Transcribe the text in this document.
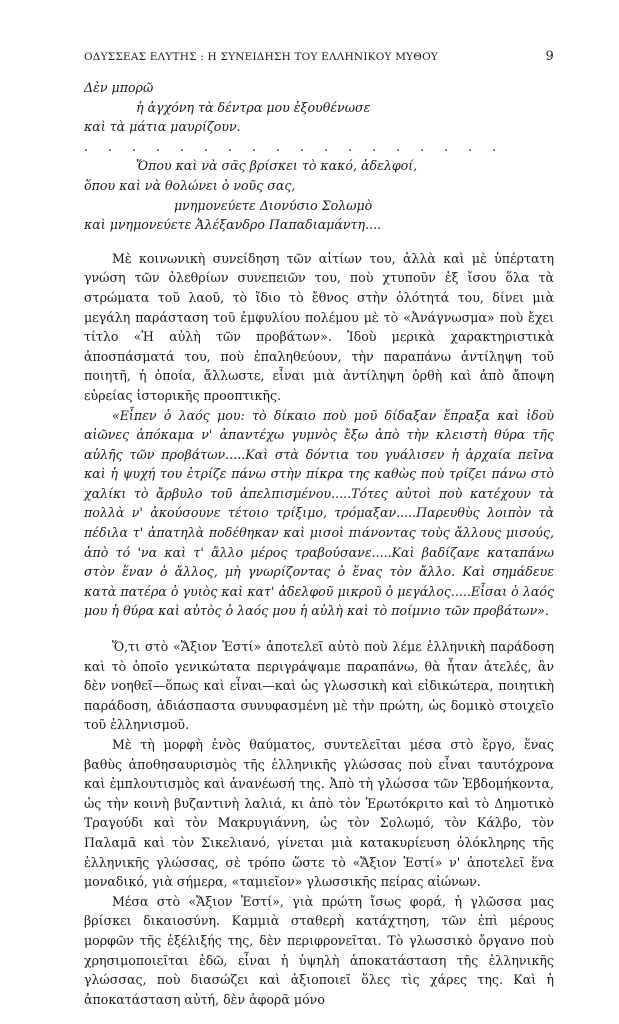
ΟΔΥΣΣΕΑΣ ΕΛΥΤΗΣ : Η ΣΥΝΕΙΔΗΣΗ ΤΟΥ ΕΛΛΗΝΙΚΟΥ ΜΥΘΟΥ	9
Δὲν μπορῶ
ἡ ἀγχόνη τὰ δέντρα μου ἐξουθένωσε
καὶ τὰ μάτια μαυρίζουν.
. . . . . . . . . . . . . . . . . .
Ὅπου καὶ νὰ σᾶς βρίσκει τὸ κακό, ἀδελφοί,
ὅπου καὶ νὰ θολώνει ὁ νοῦς σας,
μνημονεύετε Διονύσιο Σολωμὸ
καὶ μνημονεύετε Ἀλέξανδρο Παπαδιαμάντη....

Μὲ κοινωνικὴ συνείδηση τῶν αἰτίων του, ἀλλὰ καὶ μὲ ὑπέρτατη γνώση τῶν ὀλεθρίων συνεπειῶν του, ποὺ χτυποῦν ἐξ ἴσου ὅλα τὰ στρώματα τοῦ λαοῦ, τὸ ἴδιο τὸ ἔθνος στὴν ὁλότητά του, δίνει μιὰ μεγάλη παράσταση τοῦ ἐμφυλίου πολέμου μὲ τὸ «Ἀνάγνωσμα» ποὺ ἔχει τίτλο «Ἡ αὐλὴ τῶν προβάτων». Ἰδοὺ μερικὰ χαρακτηριστικὰ ἀποσπάσματά του, ποὺ ἐπαληθεύουν, τὴν παραπάνω ἀντίληψη τοῦ ποιητῆ, ἡ ὁποία, ἄλλωστε, εἶναι μιὰ ἀντίληψη ὀρθὴ καὶ ἀπὸ ἄποψη εὐρείας ἱστορικῆς προοπτικῆς.

«Εἶπεν ὁ λαός μου: τὸ δίκαιο ποὺ μοῦ δίδαξαν ἔπραξα καὶ ἰδοὺ αἰῶνες ἀπόκαμα ν' ἀπαντέχω γυμνὸς ἔξω ἀπὸ τὴν κλειστὴ θύρα τῆς αὐλῆς τῶν προβάτων.....Καὶ στὰ δόντια του γυάλισεν ἡ ἀρχαία πεῖνα καὶ ἡ ψυχή του ἐτρίζε πάνω στὴν πίκρα της καθὼς ποὺ τρίζει πάνω στὸ χαλίκι τὸ ἄρβυλο τοῦ ἀπελπισμένου.....Τότες αὐτοὶ ποὺ κατέχουν τὰ πολλὰ ν' ἀκούσουνε τέτοιο τρίξιμο, τρόμαξαν.....Παρευθὺς λοιπὸν τὰ πέδιλα τ' ἀπατηλὰ ποδέθηκαν καὶ μισοὶ πιάνοντας τοὺς ἄλλους μισούς, ἀπὸ τό 'να καὶ τ' ἄλλο μέρος τραβούσανε.....Καὶ βαδίζανε καταπάνω στὸν ἕναν ὁ ἄλλος, μὴ γνωρίζοντας ὁ ἕνας τὸν ἄλλο. Καὶ σημάδευε κατὰ πατέρα ὁ γυιὸς καὶ κατ' ἀδελφοῦ μικροῦ ὁ μεγάλος.....Εἶσαι ὁ λαός μου ἡ θύρα καὶ αὐτὸς ὁ λαός μου ἡ αὐλὴ καὶ τὸ ποίμνιο τῶν προβάτων».

Ὅ,τι στὸ «Ἄξιον Ἐστί» ἀποτελεῖ αὐτὸ ποὺ λέμε ἑλληνικὴ παράδοση καὶ τὸ ὁποῖο γενικώτατα περιγράψαμε παραπάνω, θὰ ἦταν ἀτελές, ἂν δὲν νοηθεῖ—ὅπως καὶ εἶναι—καὶ ὡς γλωσσικὴ καὶ εἰδικώτερα, ποιητικὴ παράδοση, ἀδιάσπαστα συνυφασμένη μὲ τὴν πρώτη, ὡς δομικὸ στοιχεῖο τοῦ ἑλληνισμοῦ.

Μὲ τὴ μορφὴ ἑνὸς θαύματος, συντελεῖται μέσα στὸ ἔργο, ἕνας βαθὺς ἀποθησαυρισμὸς τῆς ἑλληνικῆς γλώσσας ποὺ εἶναι ταυτόχρονα καὶ ἐμπλουτισμὸς καὶ ἀνανέωσή της. Ἀπὸ τὴ γλώσσα τῶν Ἑβδομήκοντα, ὡς τὴν κοινὴ βυζαντινὴ λαλιά, κι ἀπὸ τὸν Ἐρωτόκριτο καὶ τὸ Δημοτικὸ Τραγούδι καὶ τὸν Μακρυγιάννη, ὡς τὸν Σολωμό, τὸν Κάλβο, τὸν Παλαμᾶ καὶ τὸν Σικελιανό, γίνεται μιὰ κατακυρίευση ὁλόκληρης τῆς ἑλληνικῆς γλώσσας, σὲ τρόπο ὥστε τὸ «Ἄξιον Ἐστί» ν' ἀποτελεῖ ἕνα μοναδικό, γιὰ σήμερα, «ταμιεῖον» γλωσσικῆς πείρας αἰώνων.

Μέσα στὸ «Ἄξιον Ἐστί», γιὰ πρώτη ἴσως φορά, ἡ γλῶσσα μας βρίσκει δικαιοσύνη. Καμμιὰ σταθερὴ κατάχτηση, τῶν ἐπὶ μέρους μορφῶν τῆς ἐξέλιξής της, δὲν περιφρονεῖται. Τὸ γλωσσικὸ ὄργανο ποὺ χρησιμοποιεῖται ἐδῶ, εἶναι ἡ ὑψηλὴ ἀποκατάσταση τῆς ἑλληνικῆς γλώσσας, ποὺ διασώζει καὶ ἀξιοποιεῖ ὅλες τὶς χάρες της. Καὶ ἡ ἀποκατάσταση αὐτή, δὲν ἀφορᾶ μόνο
